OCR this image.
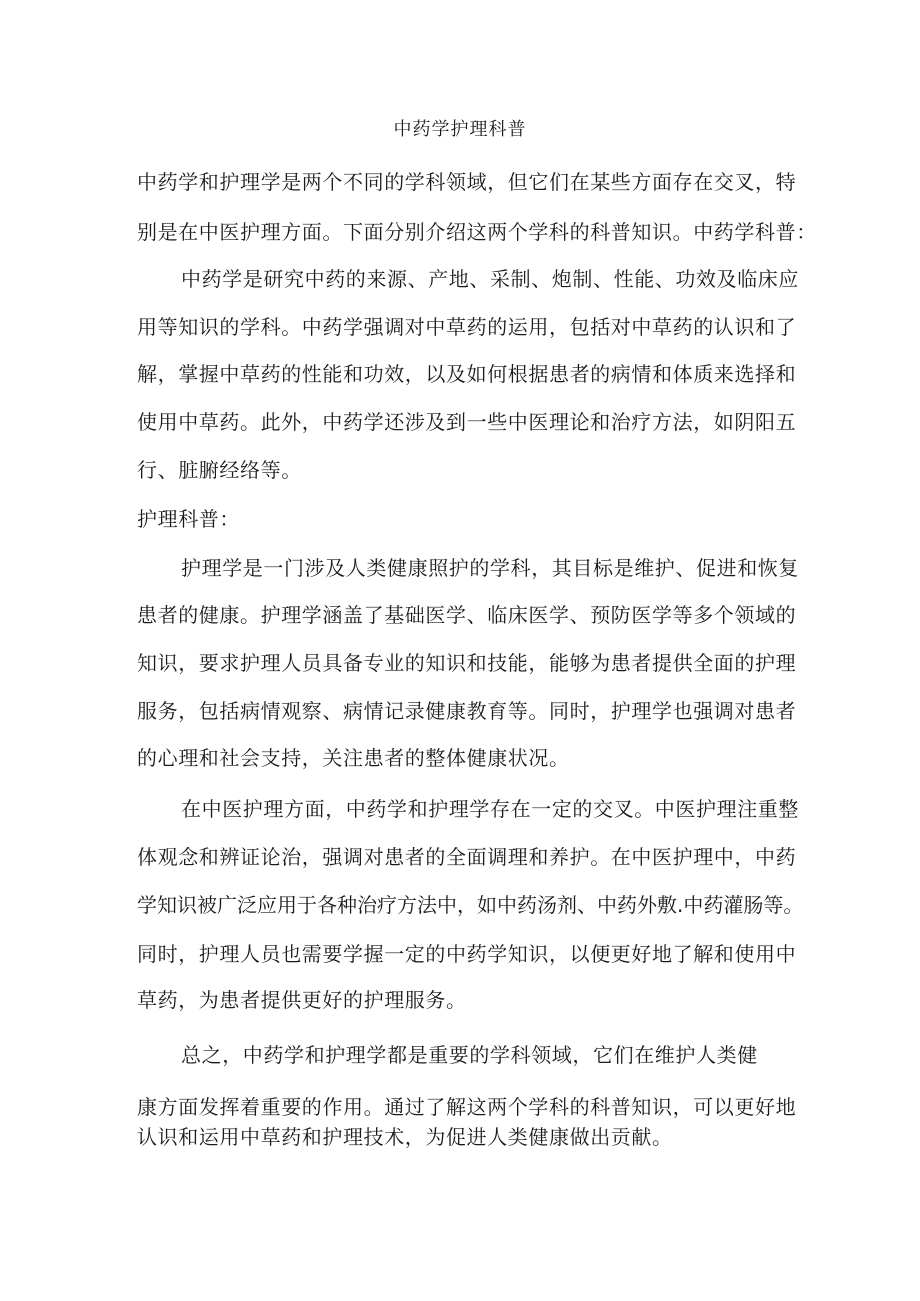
中药学护理科普
中药学和护理学是两个不同的学科领域，但它们在某些方面存在交叉，特
别是在中医护理方面。下面分别介绍这两个学科的科普知识。中药学科普：
中药学是研究中药的来源、产地、采制、炮制、性能、功效及临床应
用等知识的学科。中药学强调对中草药的运用，包括对中草药的认识和了
解，掌握中草药的性能和功效，以及如何根据患者的病情和体质来选择和
使用中草药。此外，中药学还涉及到一些中医理论和治疗方法，如阴阳五
行、脏腑经络等。
护理科普：
护理学是一门涉及人类健康照护的学科，其目标是维护、促进和恢复
患者的健康。护理学涵盖了基础医学、临床医学、预防医学等多个领域的
知识，要求护理人员具备专业的知识和技能，能够为患者提供全面的护理
服务，包括病情观察、病情记录健康教育等。同时，护理学也强调对患者
的心理和社会支持，关注患者的整体健康状况。
在中医护理方面，中药学和护理学存在一定的交叉。中医护理注重整
体观念和辨证论治，强调对患者的全面调理和养护。在中医护理中，中药
学知识被广泛应用于各种治疗方法中，如中药汤剂、中药外敷.中药灌肠等。
同时，护理人员也需要学握一定的中药学知识，以便更好地了解和使用中
草药，为患者提供更好的护理服务。
总之，中药学和护理学都是重要的学科领域，它们在维护人类健
康方面发挥着重要的作用。通过了解这两个学科的科普知识，可以更好地
认识和运用中草药和护理技术，为促进人类健康做出贡献。
